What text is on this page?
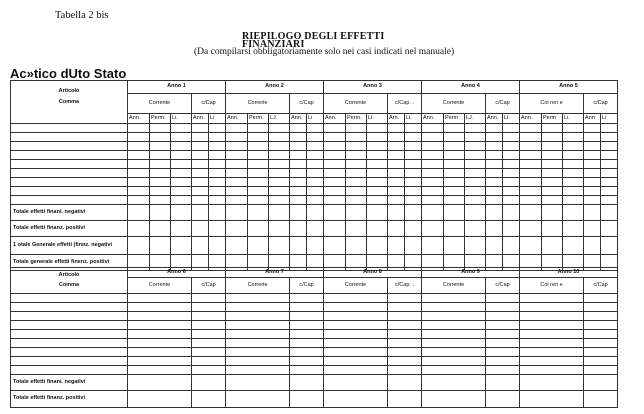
Tabella 2 bis
RIEPILOGO DEGLI EFFETTI
FINANZIARI
(Da compilarsi obbligatoriamente solo nei casi indicati nel manuale)
Ac»tico dUto Stato
Articolo
Comma	Anno 1					Anno 2					Anno 3					Anno 4					Anno 5				
	Corrente			c/Cap		Correrie			c/Cap		Corrente			c/Cap. .		Corrente			c/Cap		Coi reri e			c/Cap	
	Ann.	Perm.	Li.	Ann.	Li	Ann.	Perm.	LJ.	Ann.	Li	Ann.	Perm.	Li.	Arn.	Li.	Ann.	Perm	LJ.	Ann.	Li.	Ann.	Perm	Li.	Ann	Li

Totale effetti finanl. negativi																									
Totale effetti finanz. positivi																									
1 otale Generale effetti (finnz. negativi																									
Totale generale effetti finenz. positivi																									
Articolo
Comma	Anno 6		Anno 7		Anno 8		Anno 9		Anno 10	
	Corrente	c/Cap	Correrie	c/Cap	Corrente	c/Cap. .	Corrente	c/Cap	Coi reri e	c/Cap

Totale effetti finani. negativi										
Totale effetti finanz. positivi										
